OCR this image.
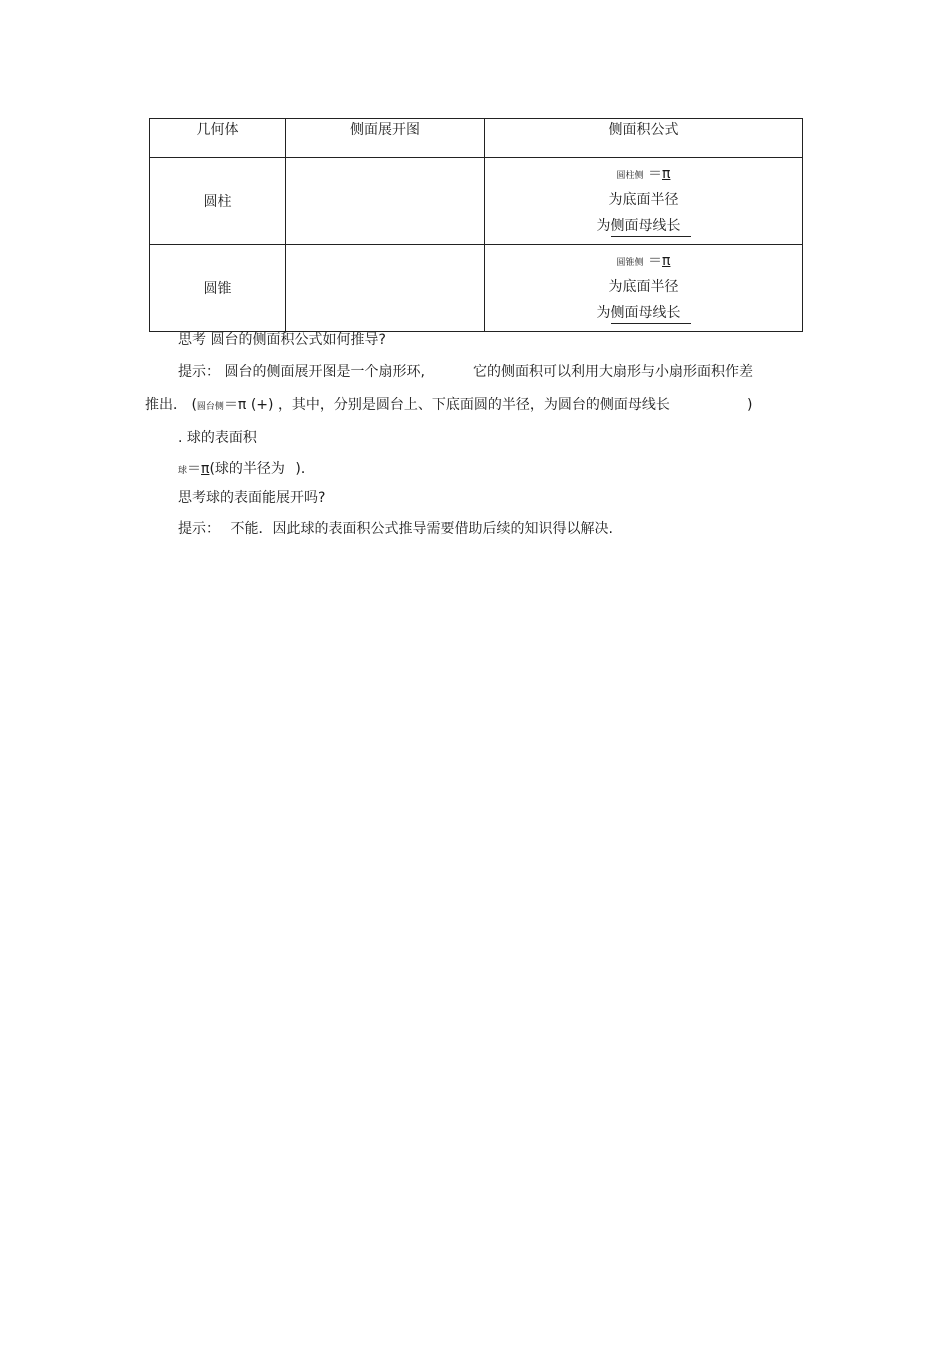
几何体	侧面展开图	侧面积公式
圆柱		圆柱侧 ＝π
为底面半径
为侧面母线长

圆锥		圆锥侧 ＝π
为底面半径
为侧面母线长
思考 圆台的侧面积公式如何推导?
提示： 圆台的侧面展开图是一个扇形环,	它的侧面积可以利用大扇形与小扇形面积作差
推出． (圆台侧＝π (+) ，其中，分别是圆台上、下底面圆的半径，为圆台的侧面母线长	)
. 球的表面积
球＝π(球的半径为 )．
思考球的表面能展开吗?
提示： 不能．因此球的表面积公式推导需要借助后续的知识得以解决.
